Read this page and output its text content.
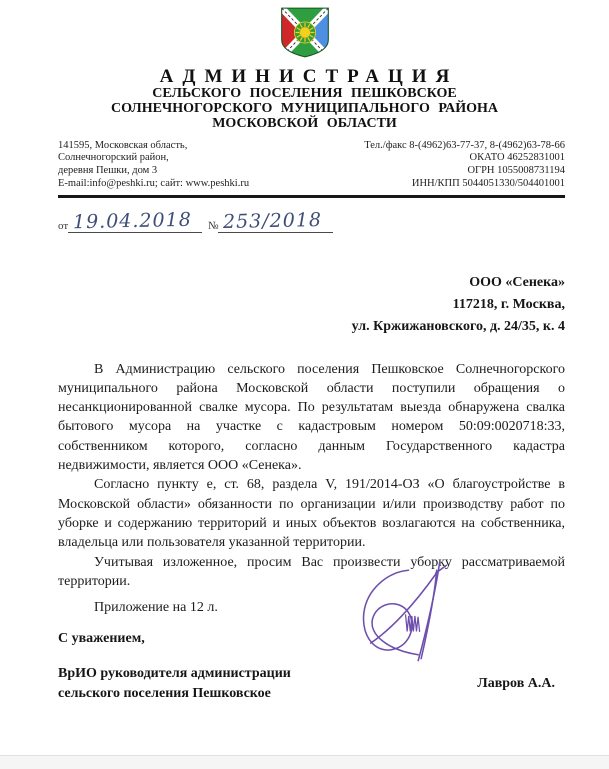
АДМИНИСТРАЦИЯ
СЕЛЬСКОГО ПОСЕЛЕНИЯ ПЕШКОВСКОЕ
СОЛНЕЧНОГОРСКОГО МУНИЦИПАЛЬНОГО РАЙОНА
МОСКОВСКОЙ ОБЛАСТИ
141595, Московская область,
Солнечногорский район,
деревня Пешки, дом 3
E-mail:info@peshki.ru; сайт: www.peshki.ru
Тел./факс 8-(4962)63-77-37, 8-(4962)63-78-66
ОКАТО 46252831001
ОГРН 1055008731194
ИНН/КПП 5044051330/504401001
от 19.04.2018	№ 253/2018
ООО «Сенека»
117218, г. Москва,
ул. Кржижановского, д. 24/35, к. 4

В Администрацию сельского поселения Пешковское Солнечногорского муниципального района Московской области поступили обращения о несанкционированной свалке мусора. По результатам выезда обнаружена свалка бытового мусора на участке с кадастровым номером 50:09:0020718:33, собственником которого, согласно данным Государственного кадастра недвижимости, является ООО «Сенека».

Согласно пункту е, ст. 68, раздела V, 191/2014-ОЗ «О благоустройстве в Московской области» обязанности по организации и/или производству работ по уборке и содержанию территорий и иных объектов возлагаются на собственника, владельца или пользователя указанной территории.

Учитывая изложенное, просим Вас произвести уборку рассматриваемой территории.

Приложение на 12 л.
С уважением,
ВрИО руководителя администрации
сельского поселения Пешковское
Лавров А.А.
